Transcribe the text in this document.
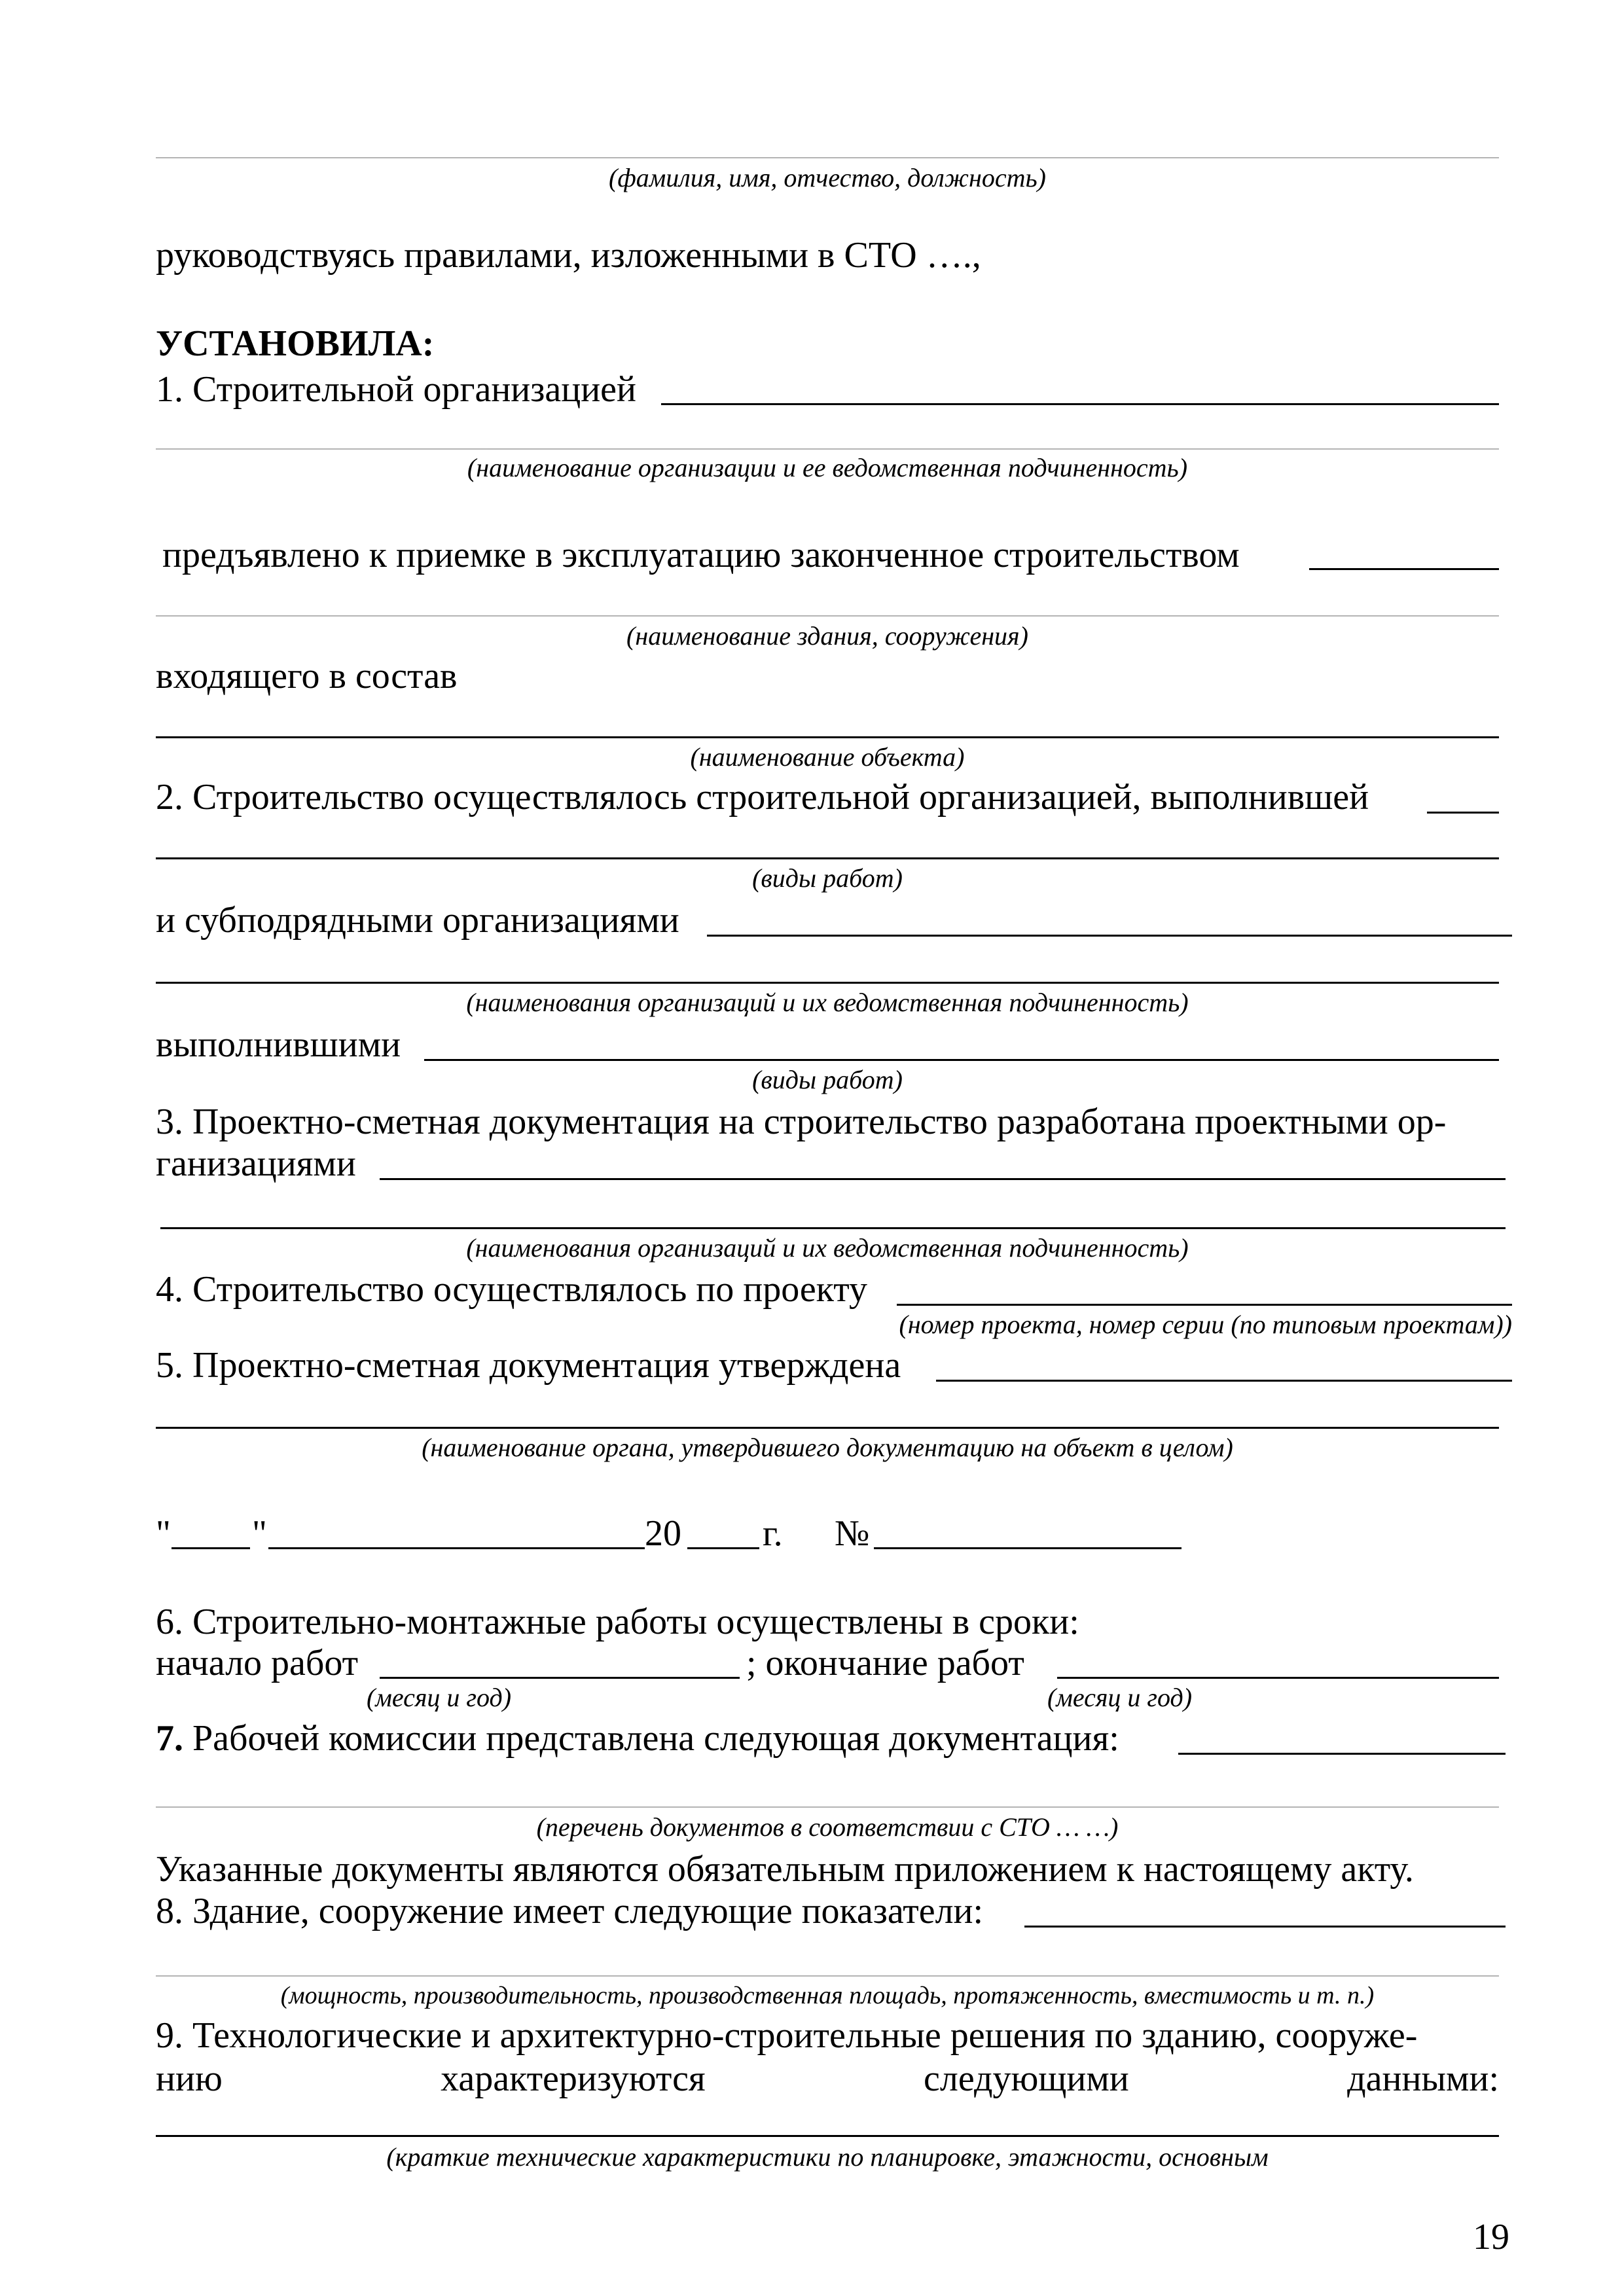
(фамилия, имя, отчество, должность)
руководствуясь правилами, изложенными в СТО ….,
УСТАНОВИЛА:
1. Строительной организацией
(наименование организации и ее ведомственная подчиненность)
предъявлено к приемке в эксплуатацию законченное строительством
(наименование здания, сооружения)
входящего в состав
(наименование объекта)
2. Строительство осуществлялось строительной организацией, выполнившей
(виды работ)
и субподрядными организациями
(наименования организаций и их ведомственная подчиненность)
выполнившими
(виды работ)
3. Проектно-сметная документация на строительство разработана проектными ор-
ганизациями
(наименования организаций и их ведомственная подчиненность)
4. Строительство осуществлялось по проекту
(номер проекта, номер серии (по типовым проектам))
5. Проектно-сметная документация утверждена
(наименование органа, утвердившего документацию на объект в целом)
" "	20 г. №
6. Строительно-монтажные работы осуществлены в сроки:
начало работ	; окончание работ
(месяц и год)	(месяц и год)
7. Рабочей комиссии представлена следующая документация:
(перечень документов в соответствии с СТО … …)
Указанные документы являются обязательным приложением к настоящему акту.
8. Здание, сооружение имеет следующие показатели:
(мощность, производительность, производственная площадь, протяженность, вместимость и т. п.)
9. Технологические и архитектурно-строительные решения по зданию, сооруже-
нию	характеризуются	следующими	данными:
(краткие технические характеристики по планировке, этажности, основным
19
